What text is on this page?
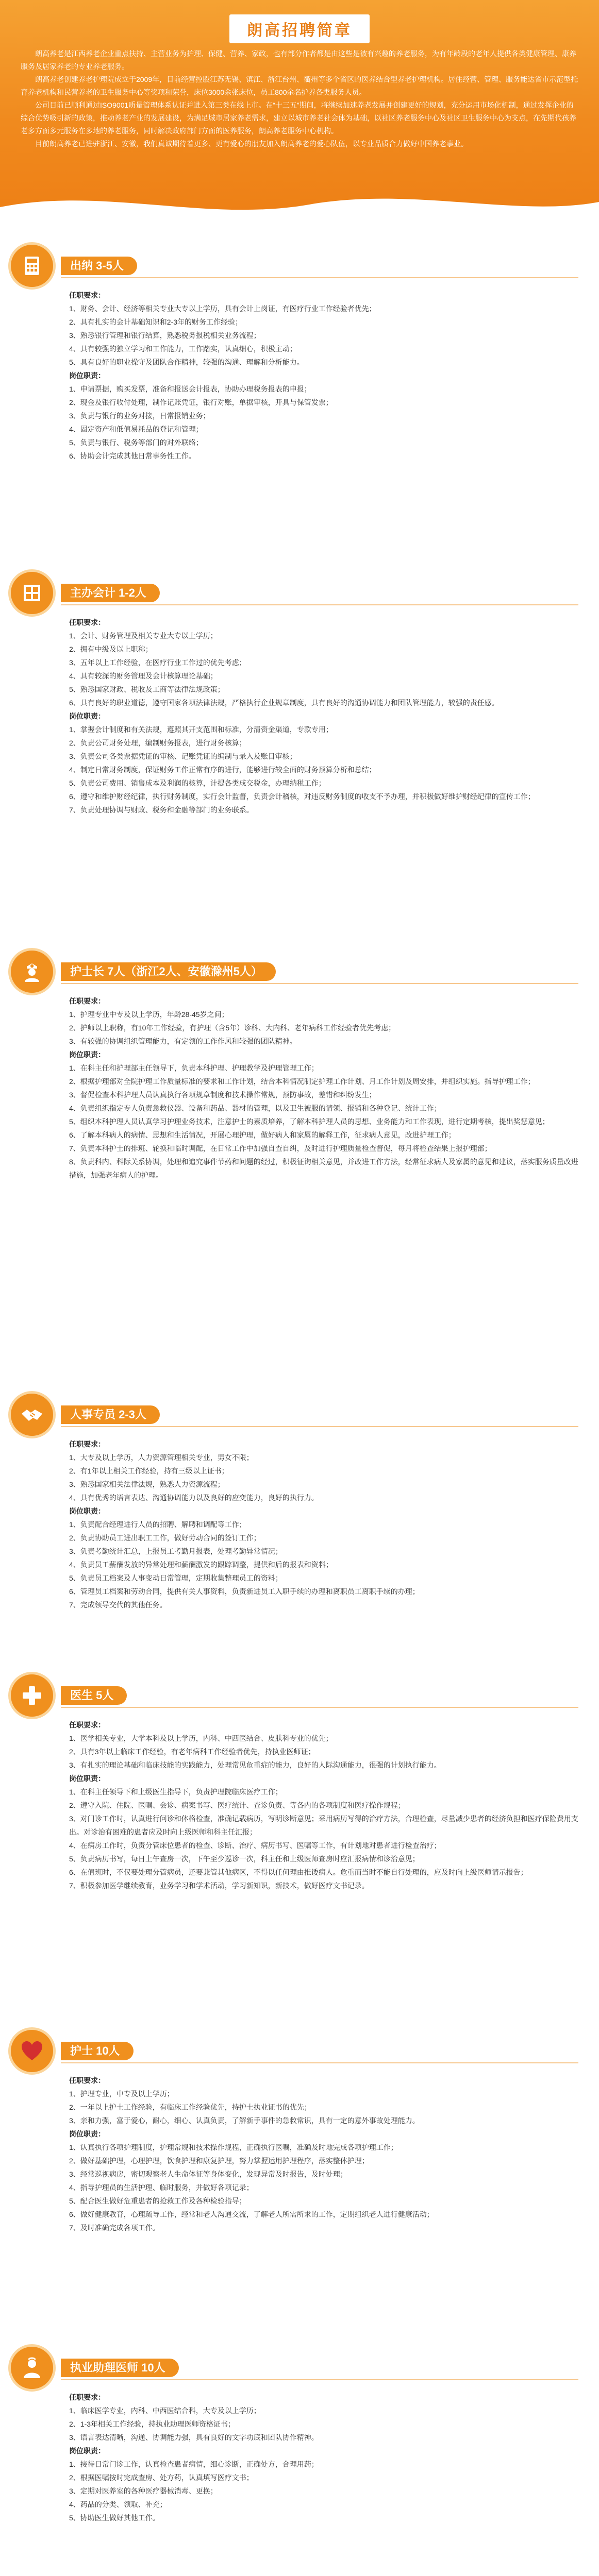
朗高招聘简章

朗高养老是江西养老企业重点扶持、主营业务为护理、保健、营养、家政，也有部分作者都是由这些是被有兴趣的养老服务，为有年龄段的老年人提供各类健康管理、康养服务及居家养老的专业养老服务。

朗高养老创建养老护理院成立于2009年，目前经营控股江苏无锡、镇江、浙江台州、衢州等多个省区的医养结合型养老护理机构。居住经营、管理、服务能达省市示范型托育养老机构和民营养老的卫生服务中心等奖项和荣誉，床位3000余张床位，员工800余名护养各类服务人员。

公司目前已顺利通过ISO9001质量管理体系认证并进入第三类在线上市。在“十三五”期间，将继续加速养老发展并创建更好的规划，充分运用市场化机制，通过发挥企业的综合优势吸引新的政策，推动养老产业的发展建设，为满足城市居家养老需求，建立以城市养老社会体为基础，以社区养老服务中心及社区卫生服务中心为支点，在先期代孩养老多方面多元服务在多地的养老服务，同时解决政府部门方面的医养服务，朗高养老服务中心机构。

目前朗高养老已进驻浙江、安徽，我们真诚期待着更多、更有爱心的朋友加入朗高养老的爱心队伍，以专业品质合力做好中国养老事业。

出纳 3-5人
任职要求：
1、财务、会计、经济等相关专业大专以上学历，具有会计上岗证，有医疗行业工作经验者优先；
2、具有扎实的会计基础知识和2-3年的财务工作经验；
3、熟悉银行管理和银行结算，熟悉税务报税相关业务流程；
4、具有较强的独立学习和工作能力，工作踏实，认真细心，积极主动；
5、具有良好的职业操守及团队合作精神，较强的沟通、理解和分析能力。
岗位职责：
1、申请票据，购买发票，准备和报送会计报表，协助办理税务报表的申报；
2、现金及银行收付处理，制作记账凭证，银行对账，单据审核，开具与保管发票；
3、负责与银行的业务对接，日常报销业务；
4、固定资产和低值易耗品的登记和管理；
5、负责与银行、税务等部门的对外联络；
6、协助会计完成其他日常事务性工作。
主办会计 1-2人
任职要求：
1、会计、财务管理及相关专业大专以上学历；
2、拥有中级及以上职称；
3、五年以上工作经验，在医疗行业工作过的优先考虑；
4、具有较深的财务管理及会计核算理论基础；
5、熟悉国家财政、税收及工商等法律法规政策；
6、具有良好的职业道德，遵守国家各项法律法规，严格执行企业规章制度，具有良好的沟通协调能力和团队管理能力，较强的责任感。
岗位职责：
1、掌握会计制度和有关法规，遵照其开支范围和标准，分清资金渠道，专款专用；
2、负责公司财务处理，编制财务报表，进行财务核算；
3、负责公司各类票据凭证的审核、记账凭证的编制与录入及账目审核；
4、制定日常财务制度，保证财务工作正常有序的进行，能够进行较全面的财务预算分析和总结；
5、负责公司费用、销售成本及利润的核算，计提各类成交税金，办理纳税工作；
6、遵守和维护财经纪律，执行财务制度，实行会计监督，负责会计稽核，对违反财务制度的收支不予办理，并积极做好维护财经纪律的宣传工作；
7、负责处理协调与财政、税务和金融等部门的业务联系。
护士长 7人（浙江2人、安徽滁州5人）
任职要求：
1、护理专业中专及以上学历，年龄28-45岁之间；
2、护师以上职称，有10年工作经验，有护理（含5年）诊科、大内科、老年病科工作经验者优先考虑；
3、有较强的协调组织管理能力，有定领的工作作风和较强的团队精神。
岗位职责：
1、在科主任和护理部主任领导下，负责本科护理、护理教学及护理管理工作；
2、根据护理部对全院护理工作质量标准的要求和工作计划，结合本科情况制定护理工作计划、月工作计划及周安排，并组织实施。指导护理工作；
3、督促检查本科护理人员认真执行各项规章制度和技术操作常规，预防事故，差错和纠纷发生；
4、负责组织指定专人负责急救仪器、设备和药品、器材的管理，以及卫生被服的请领、报销和各种登记、统计工作；
5、组织本科护理人员认真学习护理业务技术，注意护士的素质培养，了解本科护理人员的思想、业务能力和工作表现，进行定期考核，提出奖惩意见；
6、了解本科病人的病情、思想和生活情况，开展心理护理，做好病人和家属的解释工作，征求病人意见，改进护理工作；
7、负责本科护士的排班、轮换和临时调配，在日常工作中加强自查自纠，及时进行护理质量检查督促，每月将检查结果上报护理部；
8、负责科内、科际关系协调，处理和追究事件节药和问题的经过，积极征询相关意见，并改进工作方法，经常征求病人及家属的意见和建议，落实服务质量改进措施，加强老年病人的护理。
人事专员 2-3人
任职要求：
1、大专及以上学历，人力资源管理相关专业，男女不限；
2、有1年以上相关工作经验，持有三级以上证书；
3、熟悉国家相关法律法规，熟悉人力资源流程；
4、具有优秀的语言表达、沟通协调能力以及良好的应变能力，良好的执行力。
岗位职责：
1、负责配合经理进行人员的招聘、解聘和调配等工作；
2、负责协助员工进出职工工作，做好劳动合同的签订工作；
3、负责考勤统计汇总，上报员工考勤月报表，处理考勤异常情况；
4、负责员工薪酬发放的异常处理和薪酬激发的跟踪调整，提供和后的报表和资料；
5、负责员工档案及人事变动日常管理，定期收集整理员工的资料；
6、管理员工档案和劳动合同，提供有关人事资料，负责新进员工入职手续的办理和离职员工离职手续的办理；
7、完成领导交代的其他任务。
医生 5人
任职要求：
1、医学相关专业，大学本科及以上学历，内科、中西医结合、皮肤科专业的优先；
2、具有3年以上临床工作经验，有老年病科工作经验者优先，持执业医师证；
3、有扎实的理论基础和临床技能的实践能力，处理常见危重症的能力，良好的人际沟通能力，很强的计划执行能力。
岗位职责：
1、在科主任领导下和上级医生指导下，负责护理院临床医疗工作；
2、遵守入院、住院、医嘱、会诊、病案书写、医疗统计、查诊负责、等各内的各项制度和医疗操作规程；
3、对门诊工作时，认真进行问诊和体格检查，准确记载病历，写明诊断意见；采用病历写得的治疗方法，合理检查，尽量减少患者的经济负担和医疗保险费用支出。对诊治有困难的患者应及时向上级医师和科主任汇报；
4、在病房工作时，负责分管床位患者的检查、诊断、治疗、病历书写、医嘱等工作，有计划地对患者进行检查治疗；
5、负责病历书写，每日上午查房一次，下午至少巡诊一次，科主任和上级医师查房时应汇报病情和诊治意见；
6、在值班时，不仅要处理分管病员，还要兼管其他病区，不得以任何理由推诿病人。危重而当时不能自行处理的，应及时向上级医师请示报告；
7、积极参加医学继续教育，业务学习和学术活动，学习新知识，新技术，做好医疗文书记录。
护士 10人
任职要求：
1、护理专业，中专及以上学历；
2、一年以上护士工作经验，有临床工作经验优先，持护士执业证书的优先；
3、亲和力强，富于爱心，耐心，细心、认真负责，了解新手事件的急救常识，具有一定的意外事故处理能力。
岗位职责：
1、认真执行各项护理制度，护理常规和技术操作规程，正确执行医嘱，准确及时地完成各项护理工作；
2、做好基础护理，心理护理，饮食护理和康复护理，努力掌握运用护理程序，落实整体护理；
3、经常巡视病房，密切观察老人生命体征等身体变化，发现异常及时报告，及时处理；
4、指导护理员的生活护理、临时服务，并做好各项记录；
5、配合医生做好危重患者的抢救工作及各种检验指导；
6、做好健康教育，心理疏导工作，经常和老人沟通交流，了解老人所需所求的工作，定期组织老人进行健康活动；
7、及时准确完成各项工作。
执业助理医师 10人
任职要求：
1、临床医学专业，内科、中西医结合科，大专及以上学历；
2、1-3年相关工作经验，持执业助理医师资格证书；
3、语言表达清晰，沟通、协调能力强，具有良好的文字功底和团队协作精神。
岗位职责：
1、接待日常门诊工作，认真检查患者病情，细心诊断，正确处方，合理用药；
2、根据医嘱按时完成查房、处方药，认真填写医疗文书；
3、定期对医养室的各种医疗器械消毒、更换；
4、药品的分类、领取、补充；
5、协助医生做好其他工作。
